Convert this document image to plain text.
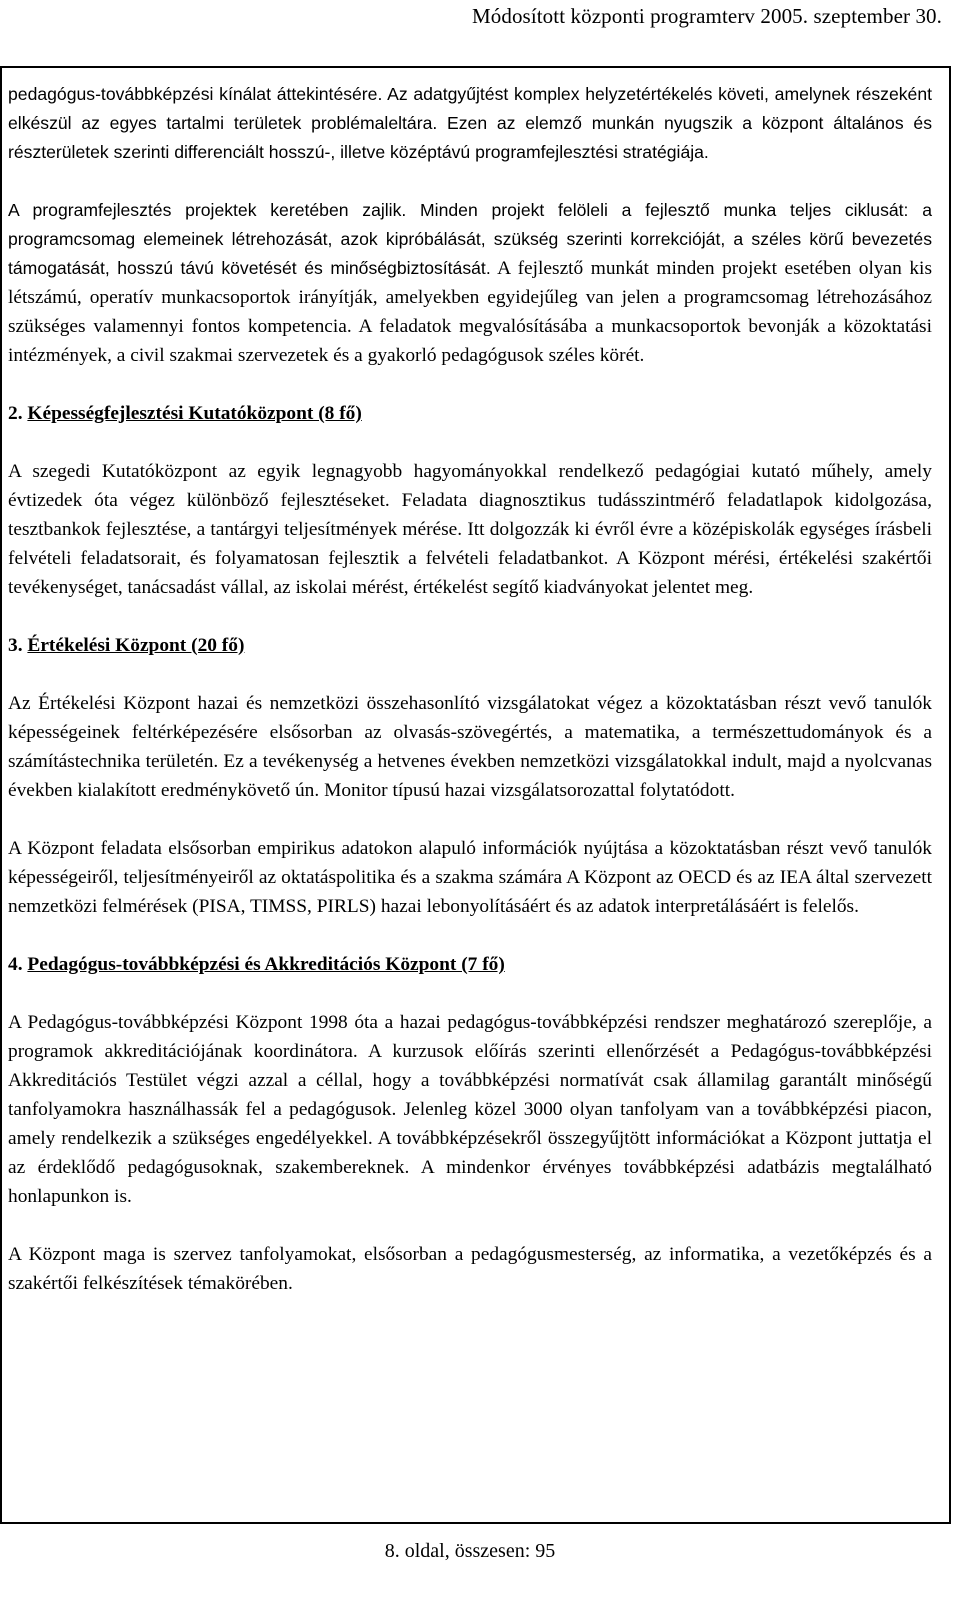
Módosított központi programterv 2005. szeptember 30.

pedagógus-továbbképzési kínálat áttekintésére. Az adatgyűjtést komplex helyzetértékelés követi, amelynek részeként elkészül az egyes tartalmi területek problémaleltára. Ezen az elemző munkán nyugszik a központ általános és részterületek szerinti differenciált hosszú-, illetve középtávú programfejlesztési stratégiája.

A programfejlesztés projektek keretében zajlik. Minden projekt felöleli a fejlesztő munka teljes ciklusát: a programcsomag elemeinek létrehozását, azok kipróbálását, szükség szerinti korrekcióját, a széles körű bevezetés támogatását, hosszú távú követését és minőségbiztosítását. A fejlesztő munkát minden projekt esetében olyan kis létszámú, operatív munkacsoportok irányítják, amelyekben egyidejűleg van jelen a programcsomag létrehozásához szükséges valamennyi fontos kompetencia. A feladatok megvalósításába a munkacsoportok bevonják a közoktatási intézmények, a civil szakmai szervezetek és a gyakorló pedagógusok széles körét.

2. Képességfejlesztési Kutatóközpont (8 fő)

A szegedi Kutatóközpont az egyik legnagyobb hagyományokkal rendelkező pedagógiai kutató műhely, amely évtizedek óta végez különböző fejlesztéseket. Feladata diagnosztikus tudásszintmérő feladatlapok kidolgozása, tesztbankok fejlesztése, a tantárgyi teljesítmények mérése. Itt dolgozzák ki évről évre a középiskolák egységes írásbeli felvételi feladatsorait, és folyamatosan fejlesztik a felvételi feladatbankot. A Központ mérési, értékelési szakértői tevékenységet, tanácsadást vállal, az iskolai mérést, értékelést segítő kiadványokat jelentet meg.

3. Értékelési Központ (20 fő)

Az Értékelési Központ hazai és nemzetközi összehasonlító vizsgálatokat végez a közoktatásban részt vevő tanulók képességeinek feltérképezésére elsősorban az olvasás-szövegértés, a matematika, a természettudományok és a számítástechnika területén. Ez a tevékenység a hetvenes években nemzetközi vizsgálatokkal indult, majd a nyolcvanas években kialakított eredménykövető ún. Monitor típusú hazai vizsgálatsorozattal folytatódott.

A Központ feladata elsősorban empirikus adatokon alapuló információk nyújtása a közoktatásban részt vevő tanulók képességeiről, teljesítményeiről az oktatáspolitika és a szakma számára A Központ az OECD és az IEA által szervezett nemzetközi felmérések (PISA, TIMSS, PIRLS) hazai lebonyolításáért és az adatok interpretálásáért is felelős.

4. Pedagógus-továbbképzési és Akkreditációs Központ (7 fő)

A Pedagógus-továbbképzési Központ 1998 óta a hazai pedagógus-továbbképzési rendszer meghatározó szereplője, a programok akkreditációjának koordinátora. A kurzusok előírás szerinti ellenőrzését a Pedagógus-továbbképzési Akkreditációs Testület végzi azzal a céllal, hogy a továbbképzési normatívát csak államilag garantált minőségű tanfolyamokra használhassák fel a pedagógusok. Jelenleg közel 3000 olyan tanfolyam van a továbbképzési piacon, amely rendelkezik a szükséges engedélyekkel. A továbbképzésekről összegyűjtött információkat a Központ juttatja el az érdeklődő pedagógusoknak, szakembereknek. A mindenkor érvényes továbbképzési adatbázis megtalálható honlapunkon is.

A Központ maga is szervez tanfolyamokat, elsősorban a pedagógusmesterség, az informatika, a vezetőképzés és a szakértői felkészítések témakörében.

8. oldal, összesen: 95
